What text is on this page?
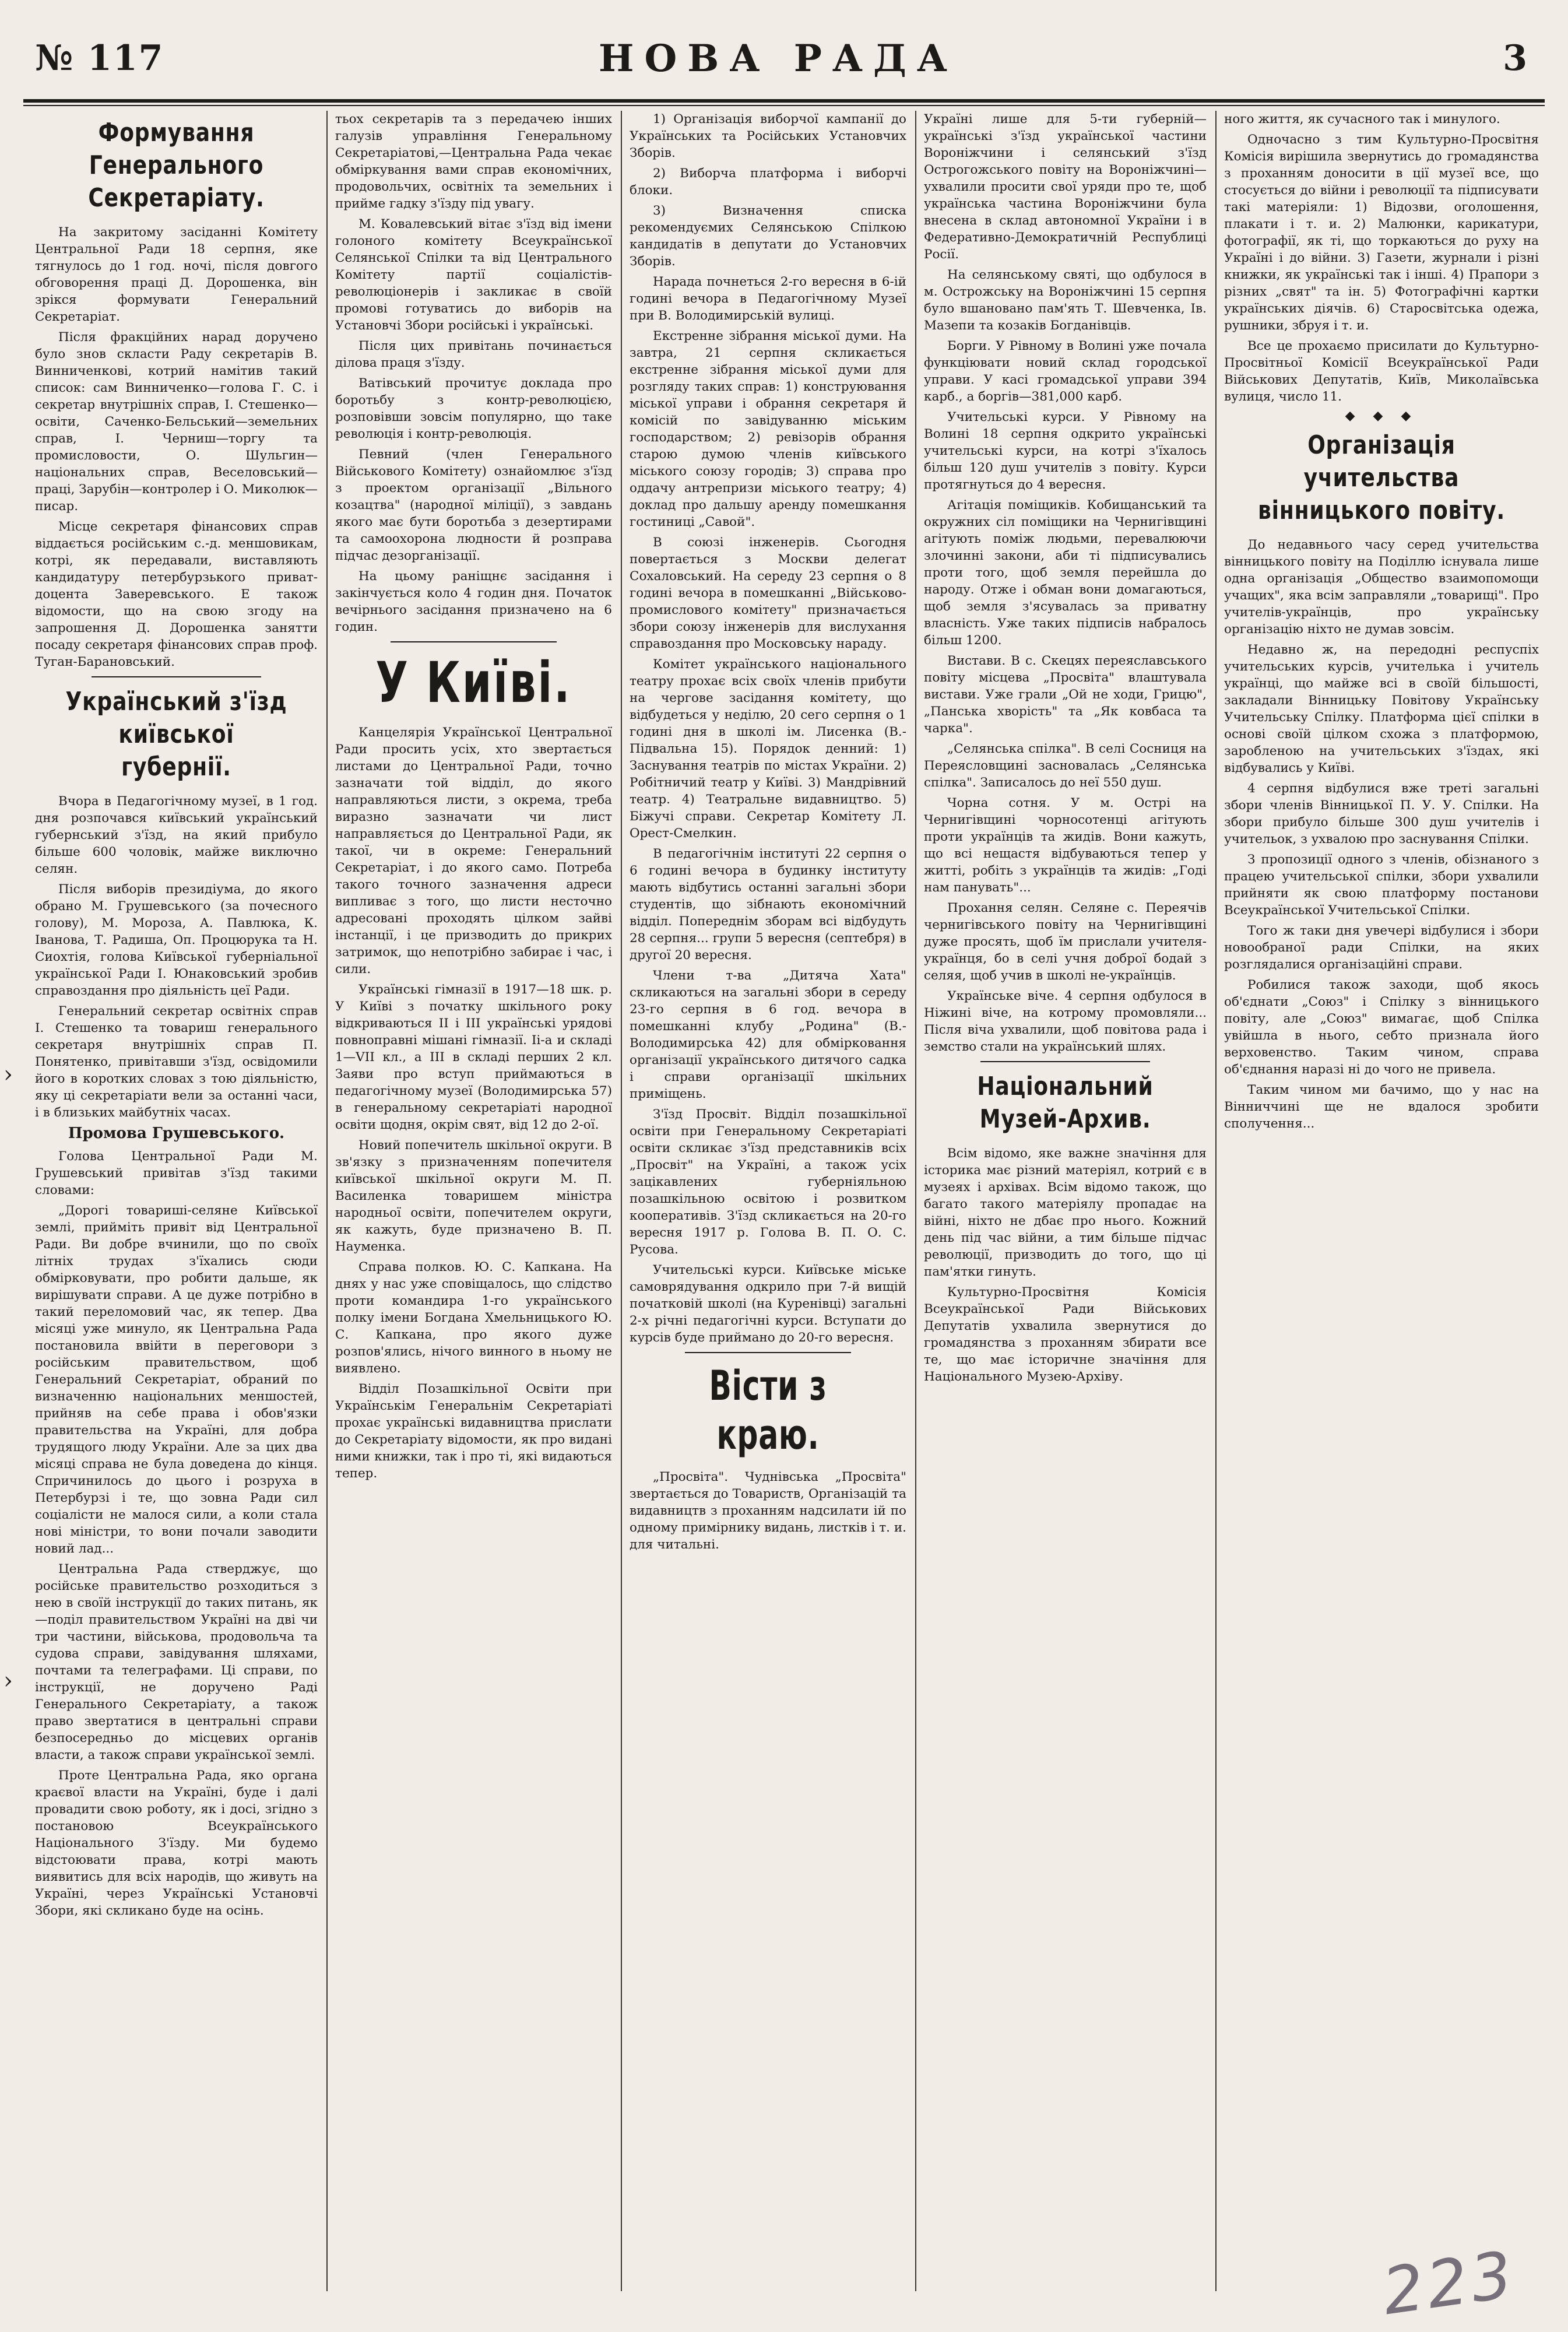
№ 117	НОВА РАДА	3
›
›
Формування Генерального Секретаріату.

На закритому засіданні Комітету Центральної Ради 18 серпня, яке тягнулось до 1 год. ночі, після довгого обговорення праці Д. Дорошенка, він зрікся формувати Генеральний Секретаріат.

Після фракційних нарад доручено було знов скласти Раду секретарів В. Винниченкові, котрий намітив такий список: сам Винниченко—голова Г. С. і секретар внутрішніх справ, І. Стешенко—освіти, Саченко-Бельський—земельних справ, І. Черниш—торгу та промисловости, О. Шульгин—національних справ, Веселовський—праці, Зарубін—контролер і О. Миколюк—писар.

Місце секретаря фінансових справ віддається російським с.-д. меншовикам, котрі, як передавали, виставляють кандидатуру петербурзького приват-доцента Заверевського. Е також відомости, що на свою згоду на запрошення Д. Дорошенка занятти посаду секретаря фінансових справ проф. Туган-Барановський.

Український з'їзд київської губернії.

Вчора в Педагогічному музеї, в 1 год. дня розпочався київський український губернський з'їзд, на який прибуло більше 600 чоловік, майже виключно селян.

Після виборів президіума, до якого обрано М. Грушевського (за почесного голову), М. Мороза, А. Павлюка, К. Іванова, Т. Радиша, Оп. Процюрука та Н. Сиохтія, голова Київської губерніальної української Ради І. Юнаковський зробив справоздання про діяльність цеї Ради.

Генеральний секретар освітніх справ І. Стешенко та товариш генерального секретаря внутрішніх справ П. Понятенко, привітавши з'їзд, освідомили його в коротких словах з тою діяльністю, яку ці секретаріати вели за останні часи, і в близьких майбутніх часах.

Промова Грушевського.

Голова Центральної Ради М. Грушевський привітав з'їзд такими словами:

„Дорогі товариші-селяне Київської землі, прийміть привіт від Центральної Ради. Ви добре вчинили, що по своїх літніх трудах з'їхались сюди обмірковувати, про робити дальше, як вирішувати справи. А це дуже потрібно в такий переломовий час, як тепер. Два місяці уже минуло, як Центральна Рада постановила ввійти в переговори з російським правительством, щоб Генеральний Секретаріат, обраний по визначенню національних меншостей, прийняв на себе права і обов'язки правительства на Україні, для добра трудящого люду України. Але за цих два місяці справа не була доведена до кінця. Спричинилось до цього і розруха в Петербурзі і те, що зовна Ради сил соціалісти не малося сили, а коли стала нові міністри, то вони почали заводити новий лад...

Центральна Рада стверджує, що російське правительство розходиться з нею в своїй інструкції до таких питань, як—поділ правительством Україні на дві чи три частини, військова, продовольча та судова справи, завідування шляхами, почтами та телеграфами. Ці справи, по інструкції, не доручено Раді Генерального Секретаріату, а також право звертатися в центральні справи безпосередньо до місцевих органів власти, а також справи української землі.

Проте Центральна Рада, яко органа краєвої власти на Україні, буде і далі провадити свою роботу, як і досі, згідно з постановою Всеукраїнського Національного З'їзду. Ми будемо відстоювати права, котрі мають виявитись для всіх народів, що живуть на Україні, через Українські Установчі Збори, які скликано буде на осінь.

тьох секретарів та з передачею інших галузів управління Генеральному Секретаріатові,—Центральна Рада чекає обміркування вами справ економічних, продовольчих, освітніх та земельних і прийме гадку з'їзду під увагу.

М. Ковалевський вітає з'їзд від імени голоного комітету Всеукраїнської Селянської Спілки та від Центрального Комітету партії соціалістів-революціонерів і закликає в своїй промові готуватись до виборів на Установчі Збори російські і українські.

Після цих привітань починається ділова праця з'їзду.

Ватівський прочитує доклада про боротьбу з контр-революцією, розповівши зовсім популярно, що таке революція і контр-революція.

Певний (член Генерального Військового Комітету) ознайомлює з'їзд з проектом організації „Вільного козацтва" (народної міліції), з завдань якого має бути боротьба з дезертирами та самоохорона людности й розправа підчас дезорганізації.

На цьому раніщнє засідання і закінчується коло 4 годин дня. Початок вечірнього засідання призначено на 6 годин.

У Київі.

Канцелярія Української Центральної Ради просить усіх, хто звертається листами до Центральної Ради, точно зазначати той відділ, до якого направляються листи, з окрема, треба виразно зазначати чи лист направляється до Центральної Ради, як такої, чи в окреме: Генеральний Секретаріат, і до якого само. Потреба такого точного зазначення адреси випливає з того, що листи несточно адресовані проходять цілком зайві інстанції, і це призводить до прикрих затримок, що непотрібно забирає і час, і сили.

Українські гімназії в 1917—18 шк. р. У Київі з початку шкільного року відкриваються ІІ і ІІІ українські урядові повноправні мішані гімназії. Іі-а и складі 1—VII кл., а ІІІ в складі перших 2 кл. Заяви про вступ приймаються в педагогічному музеї (Володимирська 57) в генеральному секретаріаті народної освіти щодня, окрім свят, від 12 до 2-ої.

Новий попечитель шкільної округи. В зв'язку з призначенням попечителя київської шкільної округи М. П. Василенка товаришем міністра народньої освіти, попечителем округи, як кажуть, буде призначено В. П. Науменка.

Справа полков. Ю. С. Капкана. На днях у нас уже сповіщалось, що слідство проти командира 1-го українського полку імени Богдана Хмельницького Ю. С. Капкана, про якого дуже розпов'ялись, нічого винного в ньому не виявлено.

Відділ Позашкільної Освіти при Українськім Генеральнім Секретаріаті прохає українські видавництва прислати до Секретаріату відомости, як про видані ними книжки, так і про ті, які видаються тепер.

1) Організація виборчої кампанії до Українських та Російських Установчих Зборів.

2) Виборча платформа і виборчі блоки.

3) Визначення списка рекомендуємих Селянською Спілкою кандидатів в депутати до Установчих Зборів.

Нарада почнеться 2-го вересня в 6-ій годині вечора в Педагогічному Музеї при В. Володимирській вулиці.

Екстренне зібрання міської думи. На завтра, 21 серпня скликається екстренне зібрання міської думи для розгляду таких справ: 1) конструювання міської управи і обрання секретаря й комісій по завідуванню міським господарством; 2) ревізорів обрання старою думою членів київського міського союзу городів; 3) справа про оддачу антрепризи міського театру; 4) доклад про дальшу аренду помешкання гостиниці „Савой".

В союзі інженерів. Сьогодня повертається з Москви делегат Сохаловський. На середу 23 серпня о 8 годині вечора в помешканні „Військово-промислового комітету" призначається збори союзу інженерів для вислухання справоздання про Московську нараду.

Комітет українського національного театру прохає всіх своїх членів прибути на чергове засідання комітету, що відбудеться у неділю, 20 сего серпня о 1 годині дня в школі ім. Лисенка (В.-Підвальна 15). Порядок денний: 1) Заснування театрів по містах України. 2) Робітничий театр у Київі. 3) Мандрівний театр. 4) Театральне видавництво. 5) Біжучі справи. Секретар Комітету Л. Орест-Смелкин.

В педагогічнім інституті 22 серпня о 6 годині вечора в будинку інституту мають відбутись останні загальні збори студентів, що зібнають економічний відділ. Попереднім зборам всі відбудуть 28 серпня... групи 5 вересня (септебря) в другої 20 вересня.

Члени т-ва „Дитяча Хата" скликаються на загальні збори в середу 23-го серпня в 6 год. вечора в помешканні клубу „Родина" (В.-Володимирська 42) для обмірковання організації українського дитячого садка і справи організації шкільних приміщень.

З'їзд Просвіт. Відділ позашкільної освіти при Генеральному Секретаріаті освіти скликає з'їзд представників всіх „Просвіт" на Україні, а також усіх зацікавлених губерніяльною позашкільною освітою і розвитком кооперативів. З'їзд скликається на 20-го вересня 1917 р. Голова В. П. О. С. Русова.

Учительські курси. Київське міське самоврядування одкрило при 7-й вищій початковій школі (на Куренівці) загальні 2-х річні педагогічні курси. Вступати до курсів буде приймано до 20-го вересня.

Вісти з краю.

„Просвіта". Чуднівська „Просвіта" звертається до Товариств, Організацій та видавництв з проханням надсилати ій по одному примірнику видань, листків і т. и. для читальні.

Україні лише для 5-ти губерній—українські з'їзд української частини Вороніжчини і селянський з'їзд Острогожського повіту на Вороніжчині—ухвалили просити свої уряди про те, щоб українська частина Вороніжчини була внесена в склад автономної України і в Федеративно-Демократичній Республиці Росії.

На селянському святі, що одбулося в м. Острожську на Вороніжчині 15 серпня було вшановано пам'ять Т. Шевченка, Ів. Мазепи та козаків Богданівців.

Борги. У Рівному в Волині уже почала функціювати новий склад городської управи. У касі громадської управи 394 карб., а боргів—381,000 карб.

Учительські курси. У Рівному на Волині 18 серпня одкрито українські учительські курси, на котрі з'їхалось більш 120 душ учителів з повіту. Курси протягнуться до 4 вересня.

Агітація поміщиків. Кобищанський та окружних сіл поміщики на Чернигівщині агітують поміж людьми, перевалюючи злочинні закони, аби ті підписувались проти того, щоб земля перейшла до народу. Отже і обман вони домагаються, щоб земля з'ясувалась за приватну власність. Уже таких підписів набралось більш 1200.

Вистави. В с. Скецях переяславського повіту місцева „Просвіта" влаштувала вистави. Уже грали „Ой не ходи, Грицю", „Панська хворість" та „Як ковбаса та чарка".

„Селянська спілка". В селі Сосниця на Переясловщині засновалась „Селянська спілка". Записалось до неї 550 душ.

Чорна сотня. У м. Острі на Чернигівщині чорносотенці агітують проти українців та жидів. Вони кажуть, що всі нещастя відбуваються тепер у житті, робіть з українців та жидів: „Годі нам панувать"...

Прохання селян. Селяне с. Переячів чернигівського повіту на Чернигівщині дуже просять, щоб їм прислали учителя-українця, бо в селі учня доброї бодай з селяя, щоб учив в школі не-українців.

Українське віче. 4 серпня одбулося в Ніжині віче, на котрому промовляли... Після віча ухвалили, щоб повітова рада і земство стали на український шлях.

Національний Музей-Архив.

Всім відомо, яке важне значіння для історика має різний матеріял, котрий є в музеях і архівах. Всім відомо також, що багато такого матеріялу пропадає на війні, ніхто не дбає про нього. Кожний день під час війни, а тим більше підчас революції, призводить до того, що ці пам'ятки гинуть.

Культурно-Просвітня Комісія Всеукраїнської Ради Військових Депутатів ухвалила звернутися до громадянства з проханням збирати все те, що має історичне значіння для Національного Музею-Архіву.

ного життя, як сучасного так і минулого.

Одночасно з тим Культурно-Просвітня Комісія вирішила звернутись до громадянства з проханням доносити в ції музеї все, що стосується до війни і революції та підписувати такі матеріяли: 1) Відозви, оголошення, плакати і т. и. 2) Малюнки, карикатури, фотографії, як ті, що торкаються до руху на Україні і до війни. 3) Газети, журнали і різні книжки, як українські так і інші. 4) Прапори з різних „свят" та ін. 5) Фотографічні картки українських діячів. 6) Старосвітська одежа, рушники, збруя і т. и.

Все це прохаємо присилати до Культурно-Просвітньої Комісії Всеукраїнської Ради Військових Депутатів, Київ, Миколаївська вулиця, число 11.

◆ ◆ ◆
Організація учительства вінницького повіту.

До недавнього часу серед учительства вінницького повіту на Поділлю існувала лише одна організація „Общество взаимопомощи учащих", яка всім заправляли „товарищі". Про учителів-українців, про українську організацію ніхто не думав зовсім.

Недавно ж, на передодні респуспіх учительських курсів, учителька і учитель українці, що майже всі в своїй більшості, закладали Вінницьку Повітову Українську Учительську Спілку. Платформа цієї спілки в основі своїй цілком схожа з платформою, заробленою на учительських з'їздах, які відбувались у Київі.

4 серпня відбулися вже треті загальні збори членів Вінницької П. У. У. Спілки. На збори прибуло більше 300 душ учителів і учительок, з ухвалою про заснування Спілки.

З пропозиції одного з членів, обізнаного з працею учительської спілки, збори ухвалили прийняти як свою платформу постанови Всеукраїнської Учительської Спілки.

Того ж таки дня увечері відбулися і збори новообраної ради Спілки, на яких розглядалися організаційні справи.

Робилися також заходи, щоб якось об'єднати „Союз" і Спілку з вінницького повіту, але „Союз" вимагає, щоб Спілка увійшла в нього, себто признала його верховенство. Таким чином, справа об'єднання наразі ні до чого не привела.

Таким чином ми бачимо, що у нас на Вінниччині ще не вдалося зробити сполучення...

223
